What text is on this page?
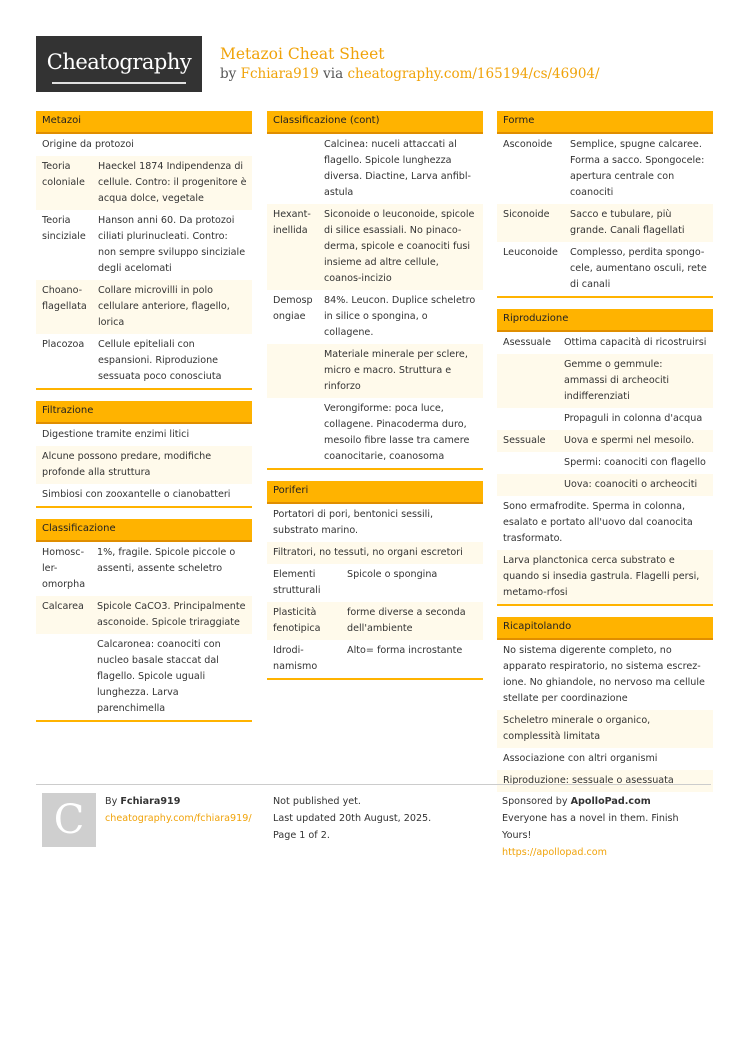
Cheatography	Metazoi Cheat Sheet
by Fchiara919 via cheatography.com/165194/cs/46904/
Metazoi
Origine da protozoi	
Teoria coloniale	Haeckel 1874 Indipendenza di cellule. Contro: il progenitore è acqua dolce, vegetale
Teoria sinciziale	Hanson anni 60. Da protozoi ciliati plurinucleati. Contro: non sempre sviluppo sinciziale degli acelomati
Choano-flagellata	Collare microvilli in polo cellulare anteriore, flagello, lorica
Placozoa	Cellule epiteliali con espansioni. Riproduzione sessuata poco conosciuta
Filtrazione
Digestione tramite enzimi litici
Alcune possono predare, modifiche profonde alla struttura
Simbiosi con zooxantelle o cianobatteri
Classificazione
Homosc-ler-omorpha	1%, fragile. Spicole piccole o assenti, assente scheletro
Calcarea	Spicole CaCO3. Principalmente asconoide. Spicole triraggiate
	Calcaronea: coanociti con nucleo basale staccat dal flagello. Spicole uguali lunghezza. Larva parenchimella
Classificazione (cont)
	Calcinea: nuceli attaccati al flagello. Spicole lunghezza diversa. Diactine, Larva anfibl-astula
Hexant-inellida	Siconoide o leuconoide, spicole di silice esassiali. No pinaco-derma, spicole e coanociti fusi insieme ad altre cellule, coanos-incizio
Demosp ongiae	84%. Leucon. Duplice scheletro in silice o spongina, o collagene.
	Materiale minerale per sclere, micro e macro. Struttura e rinforzo
	Verongiforme: poca luce, collagene. Pinacoderma duro, mesoilo fibre lasse tra camere coanocitarie, coanosoma
Poriferi
Portatori di pori, bentonici sessili, substrato marino.	
Filtratori, no tessuti, no organi escretori	
Elementi strutturali	Spicole o spongina
Plasticità fenotipica	forme diverse a seconda dell'ambiente
Idrodi-namismo	Alto= forma incrostante
Forme
Asconoide	Semplice, spugne calcaree. Forma a sacco. Spongocele: apertura centrale con coanociti
Siconoide	Sacco e tubulare, più grande. Canali flagellati
Leuconoide	Complesso, perdita spongo-cele, aumentano osculi, rete di canali
Riproduzione
Asessuale	Ottima capacità di ricostruirsi
	Gemme o gemmule: ammassi di archeociti indifferenziati
	Propaguli in colonna d'acqua
Sessuale	Uova e spermi nel mesoilo.
	Spermi: coanociti con flagello
	Uova: coanociti o archeociti
Sono ermafrodite. Sperma in colonna, esalato e portato all'uovo dal coanocita trasformato.	
Larva planctonica cerca substrato e quando si insedia gastrula. Flagelli persi, metamo-rfosi	
Ricapitolando
No sistema digerente completo, no apparato respiratorio, no sistema escrez-ione. No ghiandole, no nervoso ma cellule stellate per coordinazione
Scheletro minerale o organico, complessità limitata
Associazione con altri organismi
Riproduzione: sessuale o asessuata
C	By Fchiara919
cheatography.com/fchiara919/
Not published yet.
Last updated 20th August, 2025.
Page 1 of 2.
Sponsored by ApolloPad.com
Everyone has a novel in them. Finish Yours!
https://apollopad.com
